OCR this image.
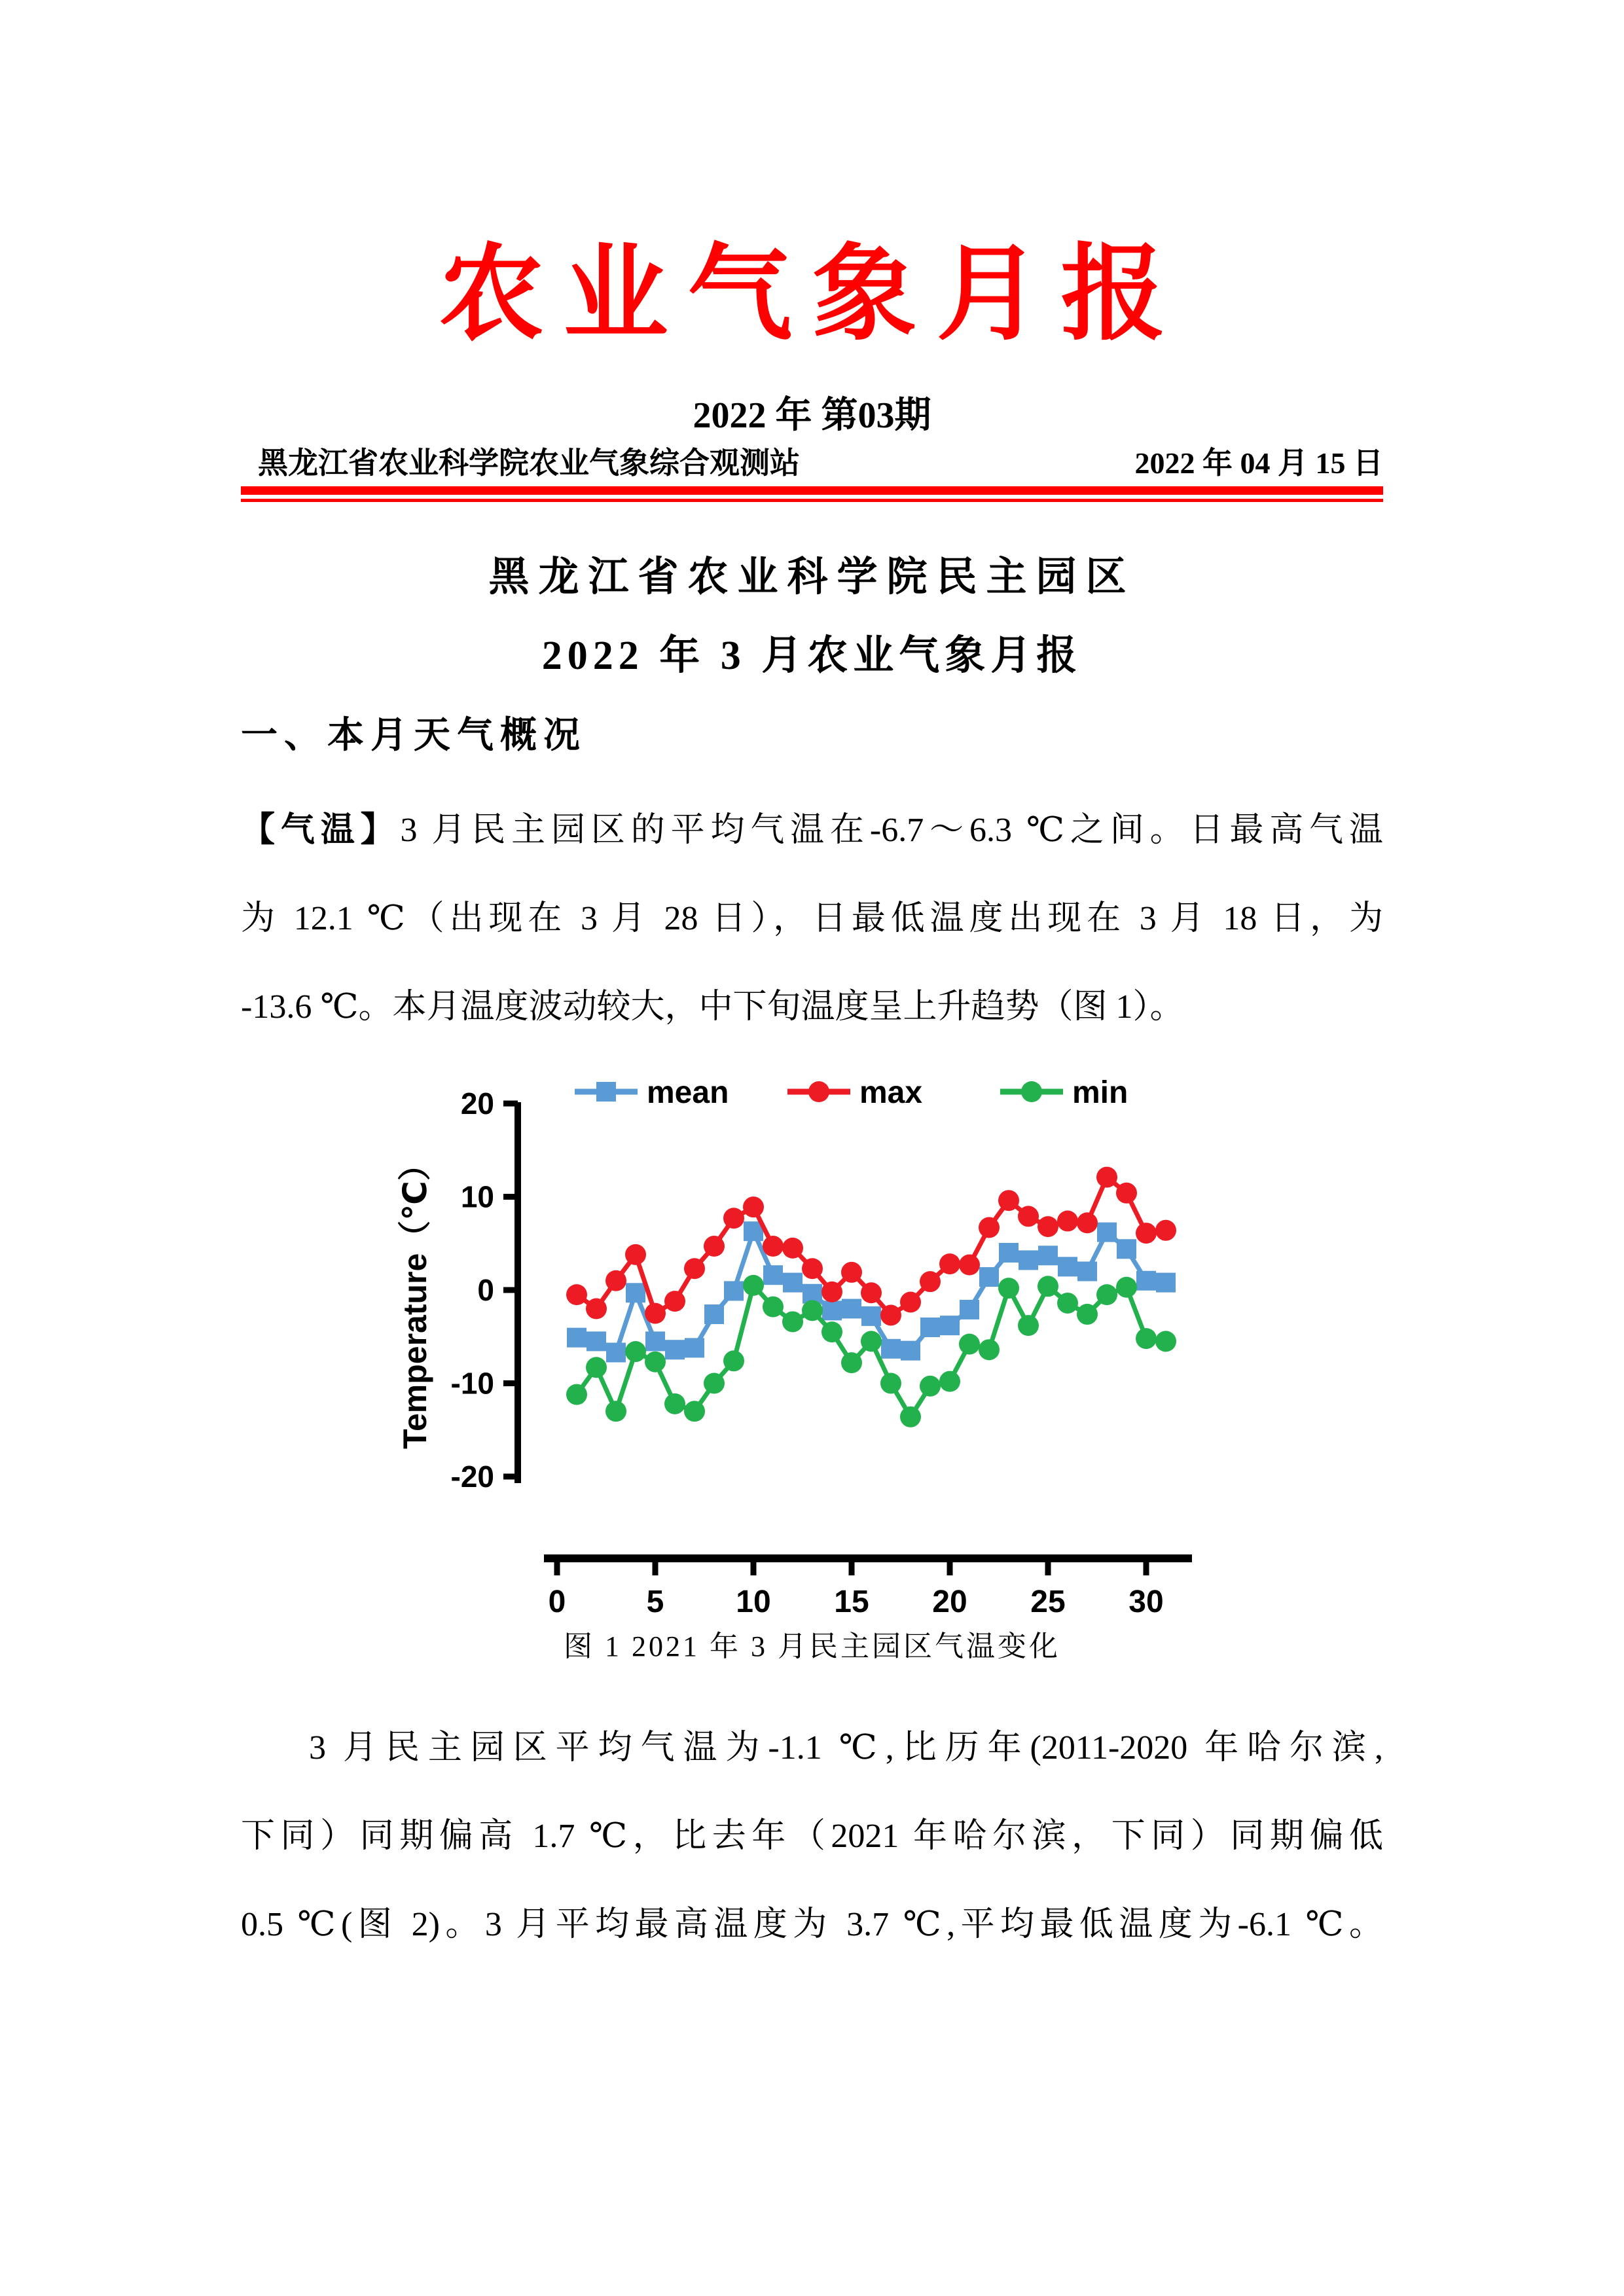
农业气象月报
2022 年 第03期
黑龙江省农业科学院农业气象综合观测站	2022 年 04 月 15 日
黑龙江省农业科学院民主园区
2022 年 3 月农业气象月报
一、本月天气概况
【气温】3 月民主园区的平均气温在-6.7～6.3 ℃之间。日最高气温
为 12.1 ℃（出现在 3 月 28 日），日最低温度出现在 3 月 18 日，为
-13.6 ℃。本月温度波动较大，中下旬温度呈上升趋势（图 1）。
20
10
0
-10
-20
Temperature（℃）
0	5 10 15 20 25 30
mean	max	min
图 1 2021 年 3 月民主园区气温变化
3 月民主园区平均气温为-1.1 ℃,比历年(2011-2020 年哈尔滨,
下同）同期偏高 1.7 ℃，比去年（2021 年哈尔滨，下同）同期偏低
0.5 ℃(图 2)。3 月平均最高温度为 3.7 ℃,平均最低温度为-6.1 ℃。
